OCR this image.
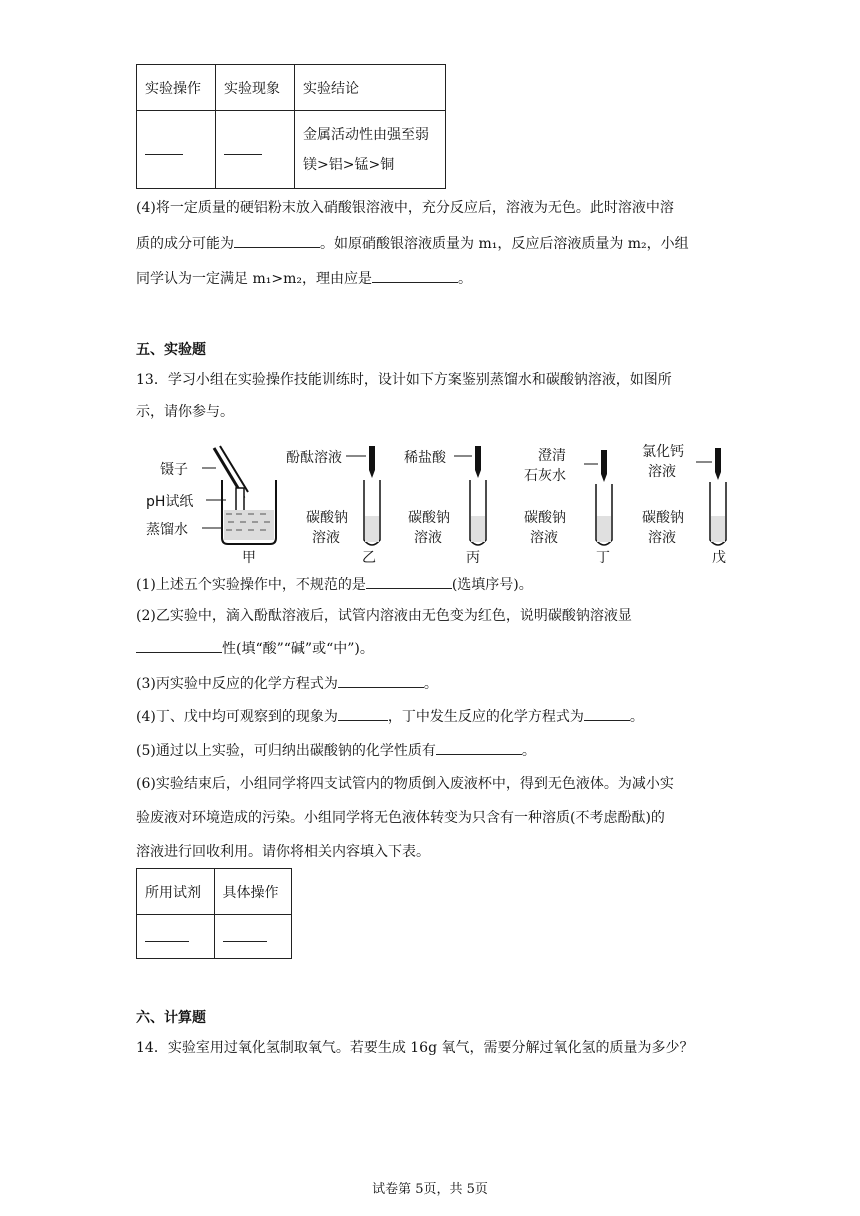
实验操作	实验现象	实验结论

		金属活动性由强至弱
镁>铝>锰>铜
(4)将一定质量的硬铝粉末放入硝酸银溶液中，充分反应后，溶液为无色。此时溶液中溶
质的成分可能为	。如原硝酸银溶液质量为 m₁，反应后溶液质量为 m₂，小组
同学认为一定满足 m₁>m₂，理由应是	。
五、实验题
13．学习小组在实验操作技能训练时，设计如下方案鉴别蒸馏水和碳酸钠溶液，如图所
示，请你参与。
镊子
pH试纸
蒸馏水
甲
酚酞溶液
碳酸钠
溶液
乙
稀盐酸
碳酸钠
溶液
丙
澄清
石灰水
碳酸钠
溶液
丁
氯化钙
溶液
碳酸钠
溶液
戊
(1)上述五个实验操作中，不规范的是	(选填序号)。
(2)乙实验中，滴入酚酞溶液后，试管内溶液由无色变为红色，说明碳酸钠溶液显
性(填“酸”“碱”或“中”)。
(3)丙实验中反应的化学方程式为	。
(4)丁、戊中均可观察到的现象为	，丁中发生反应的化学方程式为	。
(5)通过以上实验，可归纳出碳酸钠的化学性质有	。
(6)实验结束后，小组同学将四支试管内的物质倒入废液杯中，得到无色液体。为减小实
验废液对环境造成的污染。小组同学将无色液体转变为只含有一种溶质(不考虑酚酞)的
溶液进行回收利用。请你将相关内容填入下表。
所用试剂	具体操作

六、计算题
14．实验室用过氧化氢制取氧气。若要生成 16g 氧气，需要分解过氧化氢的质量为多少？
试卷第 5页，共 5页
